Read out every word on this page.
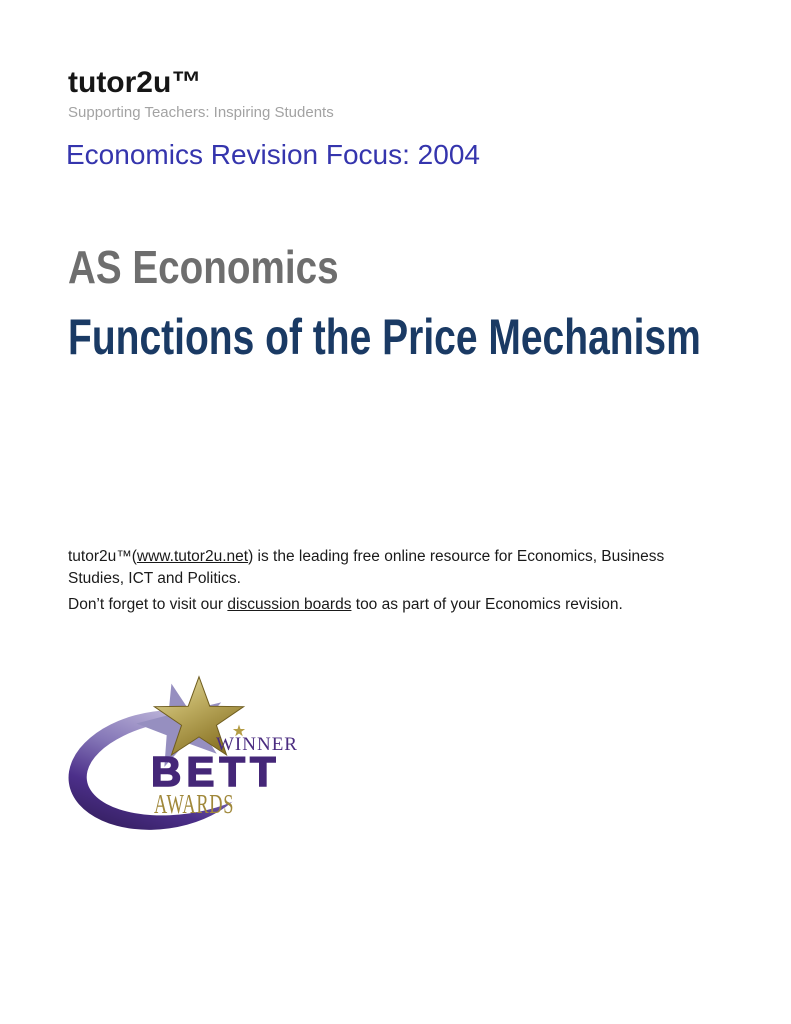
tutor2u™
Supporting Teachers: Inspiring Students
Economics Revision Focus: 2004
AS Economics
Functions of the Price Mechanism

tutor2u™(www.tutor2u.net) is the leading free online resource for Economics, Business Studies, ICT and Politics.

Don’t forget to visit our discussion boards too as part of your Economics revision.

WINNER
BETT
AWARDS
